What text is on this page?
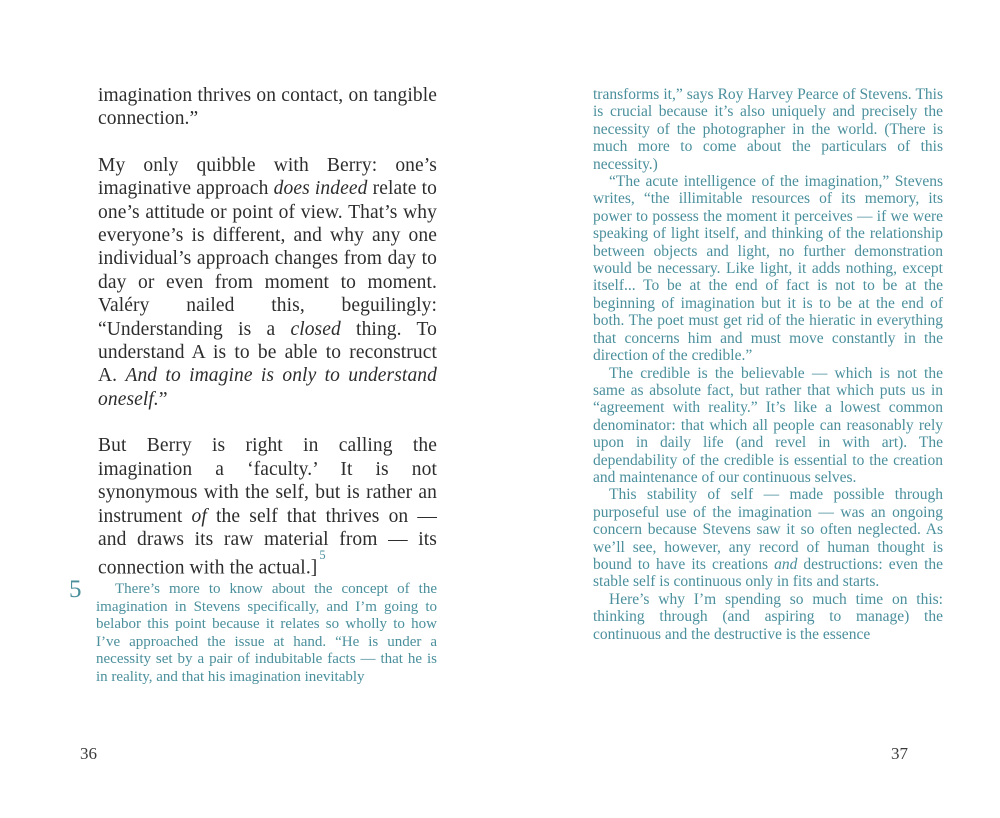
imagination thrives on contact, on tangible connection.”

My only quibble with Berry: one’s imaginative approach does indeed relate to one’s attitude or point of view. That’s why everyone’s is different, and why any one individual’s approach changes from day to day or even from moment to moment. Valéry nailed this, beguilingly: “Understanding is a closed thing. To understand A is to be able to reconstruct A. And to imagine is only to understand oneself.”

But Berry is right in calling the imagination a ‘faculty.’ It is not synonymous with the self, but is rather an instrument of the self that thrives on — and draws its raw material from — its connection with the actual.]$^5$

5	There’s more to know about the concept of the imagination in Stevens specifically, and I’m going to belabor this point because it relates so wholly to how I’ve approached the issue at hand. “He is under a necessity set by a pair of indubitable facts — that he is in reality, and that his imagination inevitably

36

transforms it,” says Roy Harvey Pearce of Stevens. This is crucial because it’s also uniquely and precisely the necessity of the photographer in the world. (There is much more to come about the particulars of this necessity.)

“The acute intelligence of the imagination,” Stevens writes, “the illimitable resources of its memory, its power to possess the moment it perceives — if we were speaking of light itself, and thinking of the relationship between objects and light, no further demonstration would be necessary. Like light, it adds nothing, except itself... To be at the end of fact is not to be at the beginning of imagination but it is to be at the end of both. The poet must get rid of the hieratic in everything that concerns him and must move constantly in the direction of the credible.”

The credible is the believable — which is not the same as absolute fact, but rather that which puts us in “agreement with reality.” It’s like a lowest common denominator: that which all people can reasonably rely upon in daily life (and revel in with art). The dependability of the credible is essential to the creation and maintenance of our continuous selves.

This stability of self — made possible through purposeful use of the imagination — was an ongoing concern because Stevens saw it so often neglected. As we’ll see, however, any record of human thought is bound to have its creations and destructions: even the stable self is continuous only in fits and starts.

Here’s why I’m spending so much time on this: thinking through (and aspiring to manage) the continuous and the destructive is the essence

37
